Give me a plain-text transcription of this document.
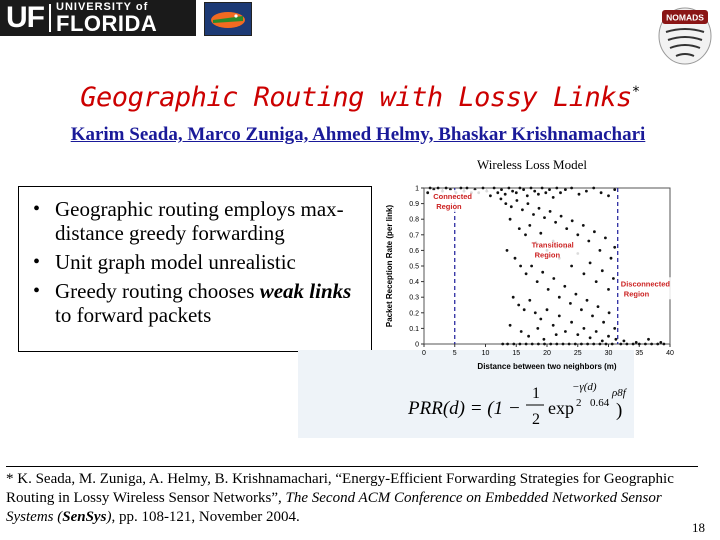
UF UNIVERSITY of
FLORIDA	NOMADS
Geographic Routing with Lossy Links*
Karim Seada, Marco Zuniga, Ahmed Helmy, Bhaskar Krishnamachari
Wireless Loss Model
• Geographic routing employs max-distance greedy forwarding
• Unit graph model unrealistic
• Greedy routing chooses weak links to forward packets
0
0.1
0.2
0.3
0.4
0.5
0.6
0.7
0.8
0.9
1
0	5	10	15	20	25	30	35	40
Distance between two neighbors (m)
Packet Reception Rate (per link)
Connected
Region
Transitional
Region
Disconnected
Region
PRR(d) = (1 −
1
2
exp
−γ(d)
2 0.64
ρ8f
)
* K. Seada, M. Zuniga, A. Helmy, B. Krishnamachari, “Energy-Efficient Forwarding Strategies for Geographic Routing in Lossy Wireless Sensor Networks”, The Second ACM Conference on Embedded Networked Sensor Systems (SenSys), pp. 108-121, November 2004.
18
